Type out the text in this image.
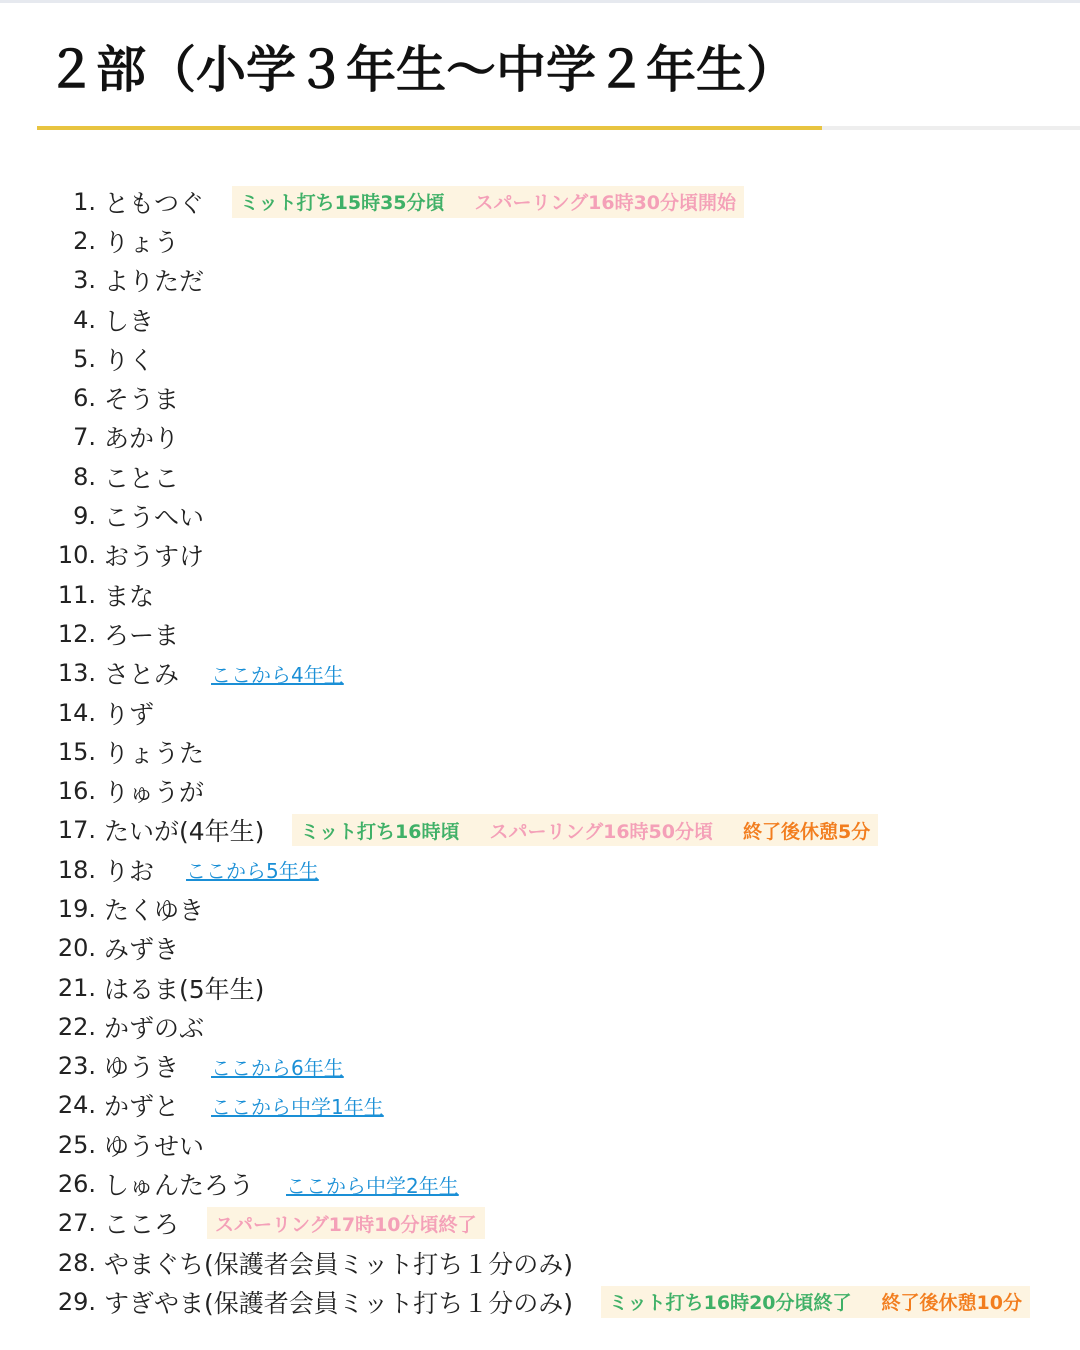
２部（小学３年生〜中学２年生）
1. ともつぐ ミット打ち15時35分頃 スパーリング16時30分頃開始
2. りょう
3. よりただ
4. しき
5. りく
6. そうま
7. あかり
8. ことこ
9. こうへい
10. おうすけ
11. まな
12. ろーま
13. さとみ ここから4年生
14. りず
15. りょうた
16. りゅうが
17. たいが(4年生) ミット打ち16時頃 スパーリング16時50分頃 終了後休憩5分
18. りお ここから5年生
19. たくゆき
20. みずき
21. はるま(5年生)
22. かずのぶ
23. ゆうき ここから6年生
24. かずと ここから中学1年生
25. ゆうせい
26. しゅんたろう ここから中学2年生
27. こころ スパーリング17時10分頃終了
28. やまぐち(保護者会員ミット打ち１分のみ)
29. すぎやま(保護者会員ミット打ち１分のみ) ミット打ち16時20分頃終了 終了後休憩10分
